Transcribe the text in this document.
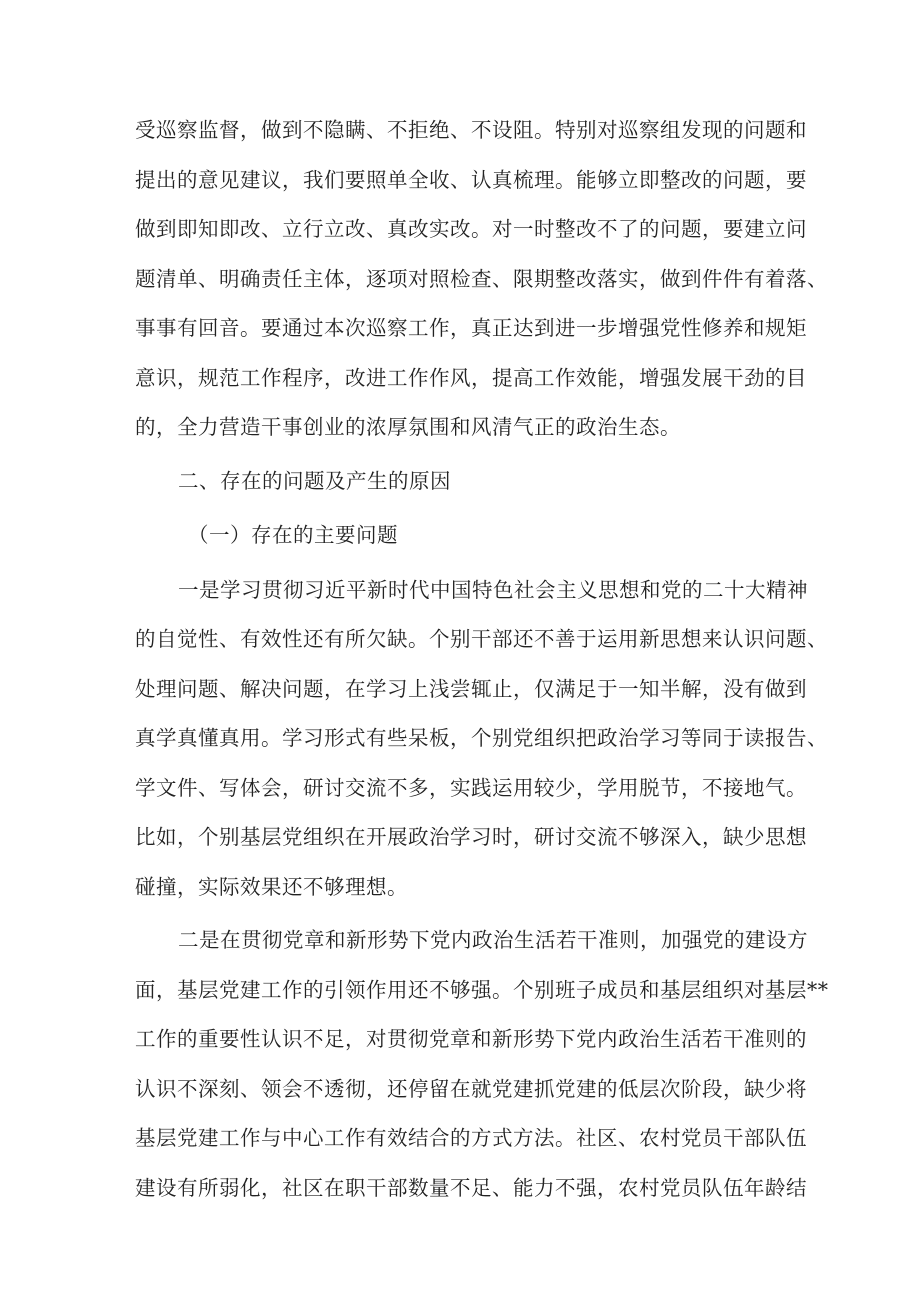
受巡察监督，做到不隐瞒、不拒绝、不设阻。特别对巡察组发现的问题和
提出的意见建议，我们要照单全收、认真梳理。能够立即整改的问题，要
做到即知即改、立行立改、真改实改。对一时整改不了的问题，要建立问
题清单、明确责任主体，逐项对照检查、限期整改落实，做到件件有着落、
事事有回音。要通过本次巡察工作，真正达到进一步增强党性修养和规矩
意识，规范工作程序，改进工作作风，提高工作效能，增强发展干劲的目
的，全力营造干事创业的浓厚氛围和风清气正的政治生态。
二、存在的问题及产生的原因
（一）存在的主要问题
一是学习贯彻习近平新时代中国特色社会主义思想和党的二十大精神
的自觉性、有效性还有所欠缺。个别干部还不善于运用新思想来认识问题、
处理问题、解决问题，在学习上浅尝辄止，仅满足于一知半解，没有做到
真学真懂真用。学习形式有些呆板，个别党组织把政治学习等同于读报告、
学文件、写体会，研讨交流不多，实践运用较少，学用脱节，不接地气。
比如，个别基层党组织在开展政治学习时，研讨交流不够深入，缺少思想
碰撞，实际效果还不够理想。
二是在贯彻党章和新形势下党内政治生活若干准则，加强党的建设方
面，基层党建工作的引领作用还不够强。个别班子成员和基层组织对基层**
工作的重要性认识不足，对贯彻党章和新形势下党内政治生活若干准则的
认识不深刻、领会不透彻，还停留在就党建抓党建的低层次阶段，缺少将
基层党建工作与中心工作有效结合的方式方法。社区、农村党员干部队伍
建设有所弱化，社区在职干部数量不足、能力不强，农村党员队伍年龄结
